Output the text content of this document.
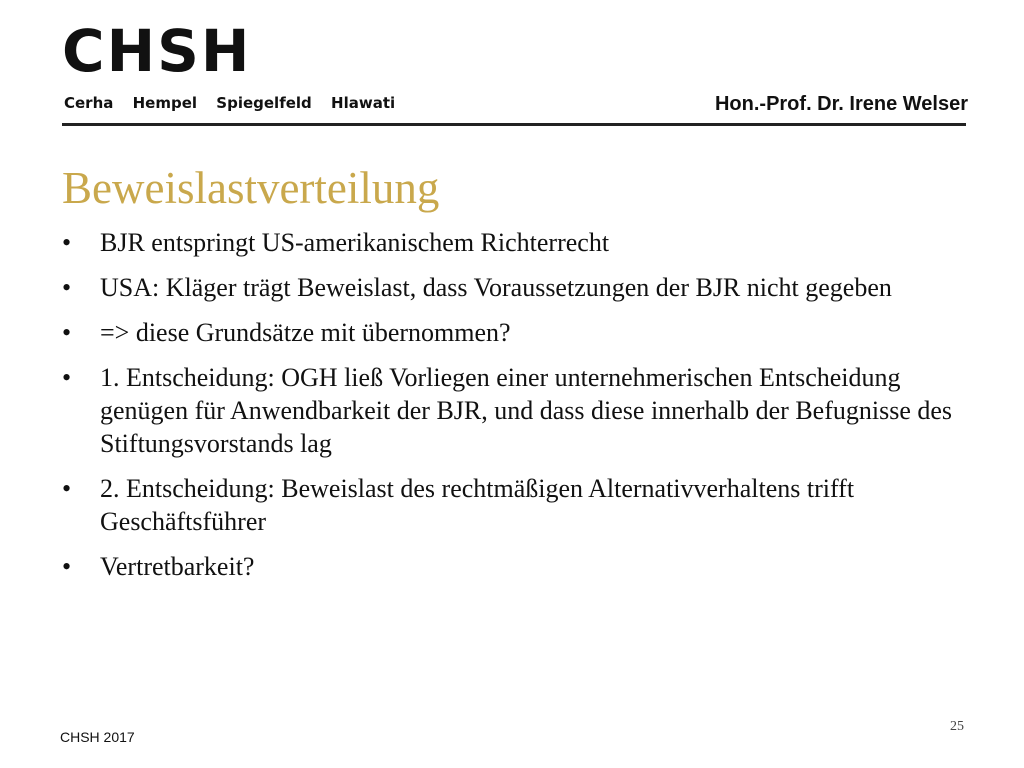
CHSH
Cerha Hempel Spiegelfeld Hlawati	Hon.-Prof. Dr. Irene Welser
Beweislastverteilung
• BJR entspringt US-amerikanischem Richterrecht
• USA: Kläger trägt Beweislast, dass Voraussetzungen der BJR nicht gegeben
• => diese Grundsätze mit übernommen?
• 1. Entscheidung: OGH ließ Vorliegen einer unternehmerischen Entscheidung genügen für Anwendbarkeit der BJR, und dass diese innerhalb der Befugnisse des Stiftungsvorstands lag
• 2. Entscheidung: Beweislast des rechtmäßigen Alternativverhaltens trifft Geschäftsführer
• Vertretbarkeit?
CHSH 2017
25
